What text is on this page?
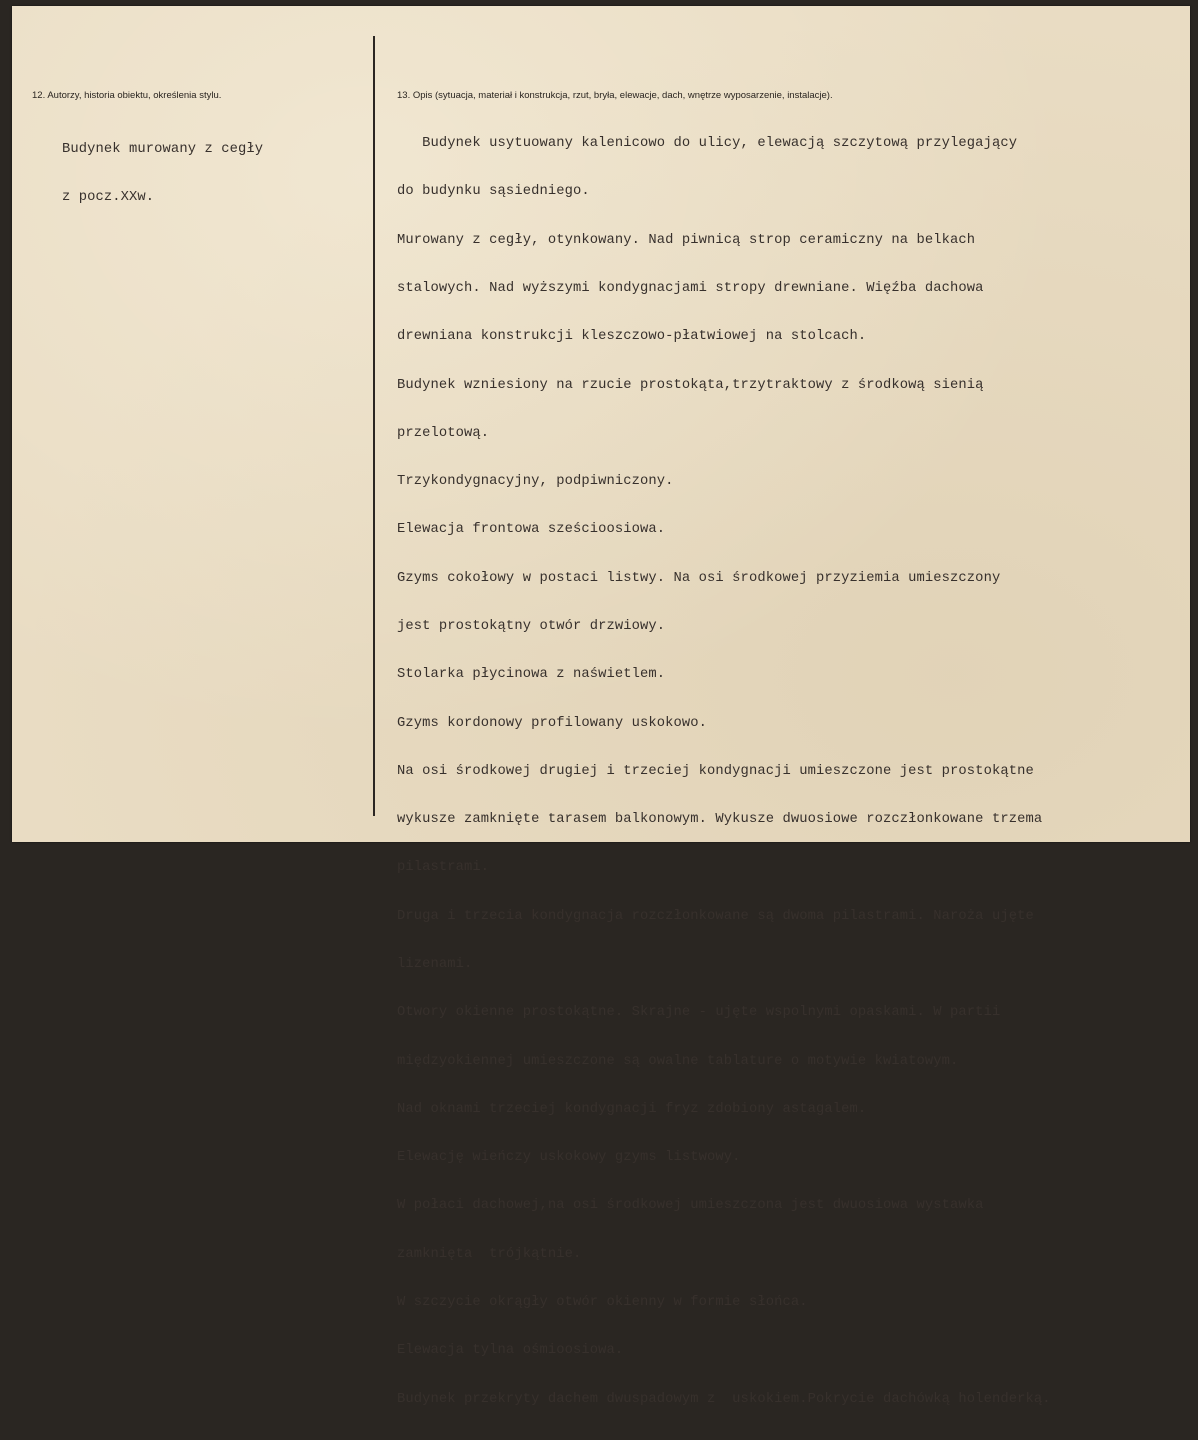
12. Autorzy, historia obiektu, określenia stylu.

Budynek murowany z cegły

z pocz.XXw.

13. Opis (sytuacja, materiał i konstrukcja, rzut, bryła, elewacje, dach, wnętrze wyposarzenie, instalacje).

Budynek usytuowany kalenicowo do ulicy, elewacją szczytową przylegający

do budynku sąsiedniego.

Murowany z cegły, otynkowany. Nad piwnicą strop ceramiczny na belkach

stalowych. Nad wyższymi kondygnacjami stropy drewniane. Więźba dachowa

drewniana konstrukcji kleszczowo-płatwiowej na stolcach.

Budynek wzniesiony na rzucie prostokąta,trzytraktowy z środkową sienią

przelotową.

Trzykondygnacyjny, podpiwniczony.

Elewacja frontowa sześcioosiowa.

Gzyms cokołowy w postaci listwy. Na osi środkowej przyziemia umieszczony

jest prostokątny otwór drzwiowy.

Stolarka płycinowa z naświetlem.

Gzyms kordonowy profilowany uskokowo.

Na osi środkowej drugiej i trzeciej kondygnacji umieszczone jest prostokątne

wykusze zamknięte tarasem balkonowym. Wykusze dwuosiowe rozczłonkowane trzema

pilastrami.

Druga i trzecia kondygnacja rozczłonkowane są dwoma pilastrami. Naroża ujęte

lizenami.

Otwory okienne prostokątne. Skrajne - ujęte wspolnymi opaskami. W partii

międzyokiennej umieszczone są owalne tablature o motywie kwiatowym.

Nad oknami trzeciej kondygnacji fryz zdobiony astagalem.

Elewację wieńczy uskokowy gzyms listwowy.

W połaci dachowej,na osi środkowej umieszczona jest dwuosiowa wystawka

zamknięta  trójkątnie.

W szczycie okrągły otwór okienny w formie słońca.

Elewacja tylna ośmioosiowa.

Budynek przekryty dachem dwuspadowym z  uskokiem.Pokrycie dachówką holenderką.
